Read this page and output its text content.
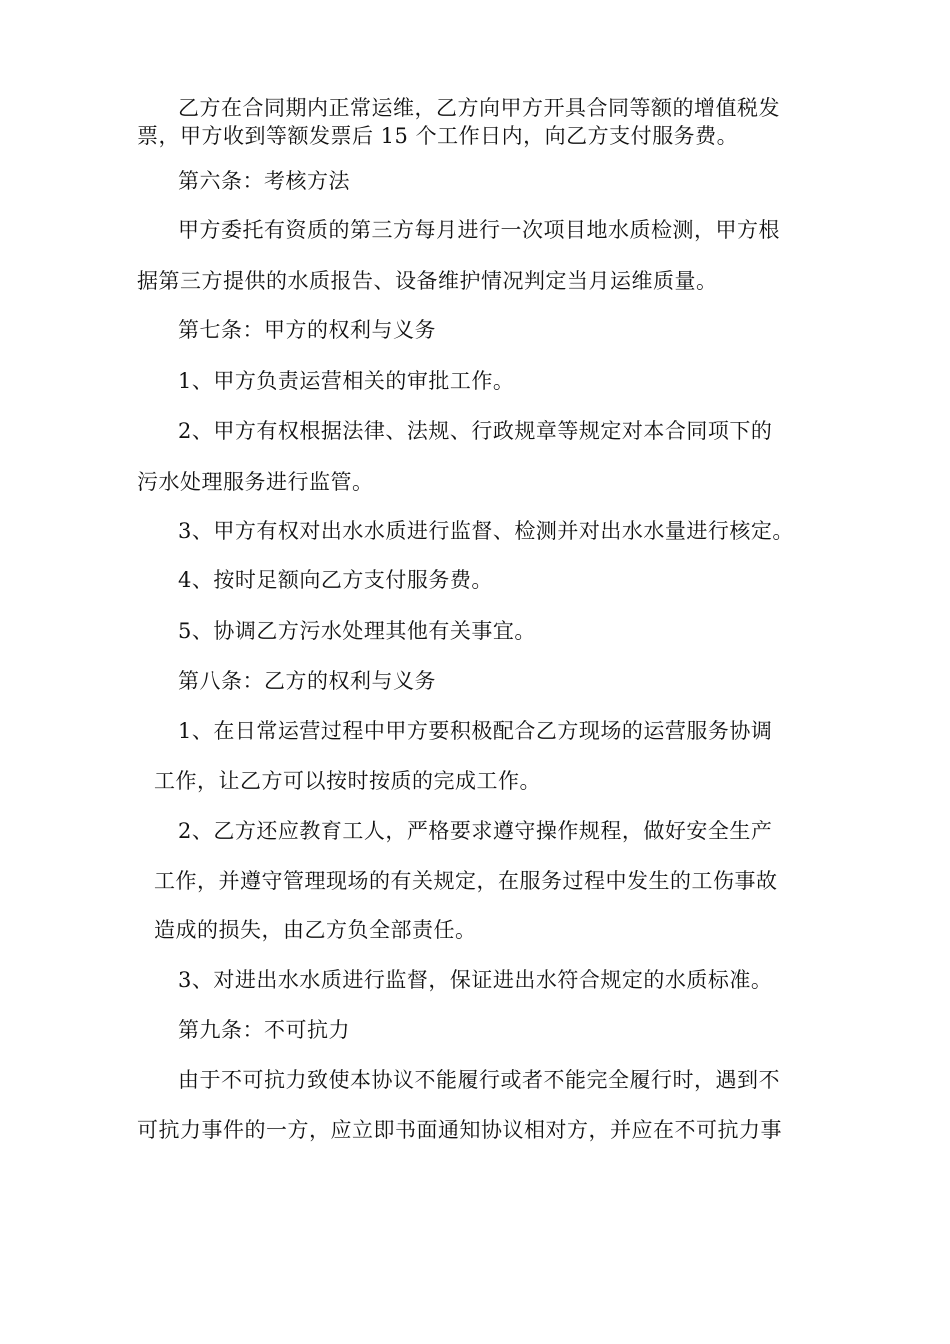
乙方在合同期内正常运维，乙方向甲方开具合同等额的增值税发
票，甲方收到等额发票后 15 个工作日内，向乙方支付服务费。
第六条：考核方法
甲方委托有资质的第三方每月进行一次项目地水质检测，甲方根
据第三方提供的水质报告、设备维护情况判定当月运维质量。
第七条：甲方的权利与义务
1、甲方负责运营相关的审批工作。
2、甲方有权根据法律、法规、行政规章等规定对本合同项下的
污水处理服务进行监管。
3、甲方有权对出水水质进行监督、检测并对出水水量进行核定。
4、按时足额向乙方支付服务费。
5、协调乙方污水处理其他有关事宜。
第八条：乙方的权利与义务
1、在日常运营过程中甲方要积极配合乙方现场的运营服务协调
工作，让乙方可以按时按质的完成工作。
2、乙方还应教育工人，严格要求遵守操作规程，做好安全生产
工作，并遵守管理现场的有关规定，在服务过程中发生的工伤事故
造成的损失，由乙方负全部责任。
3、对进出水水质进行监督，保证进出水符合规定的水质标准。
第九条：不可抗力
由于不可抗力致使本协议不能履行或者不能完全履行时，遇到不
可抗力事件的一方，应立即书面通知协议相对方，并应在不可抗力事
